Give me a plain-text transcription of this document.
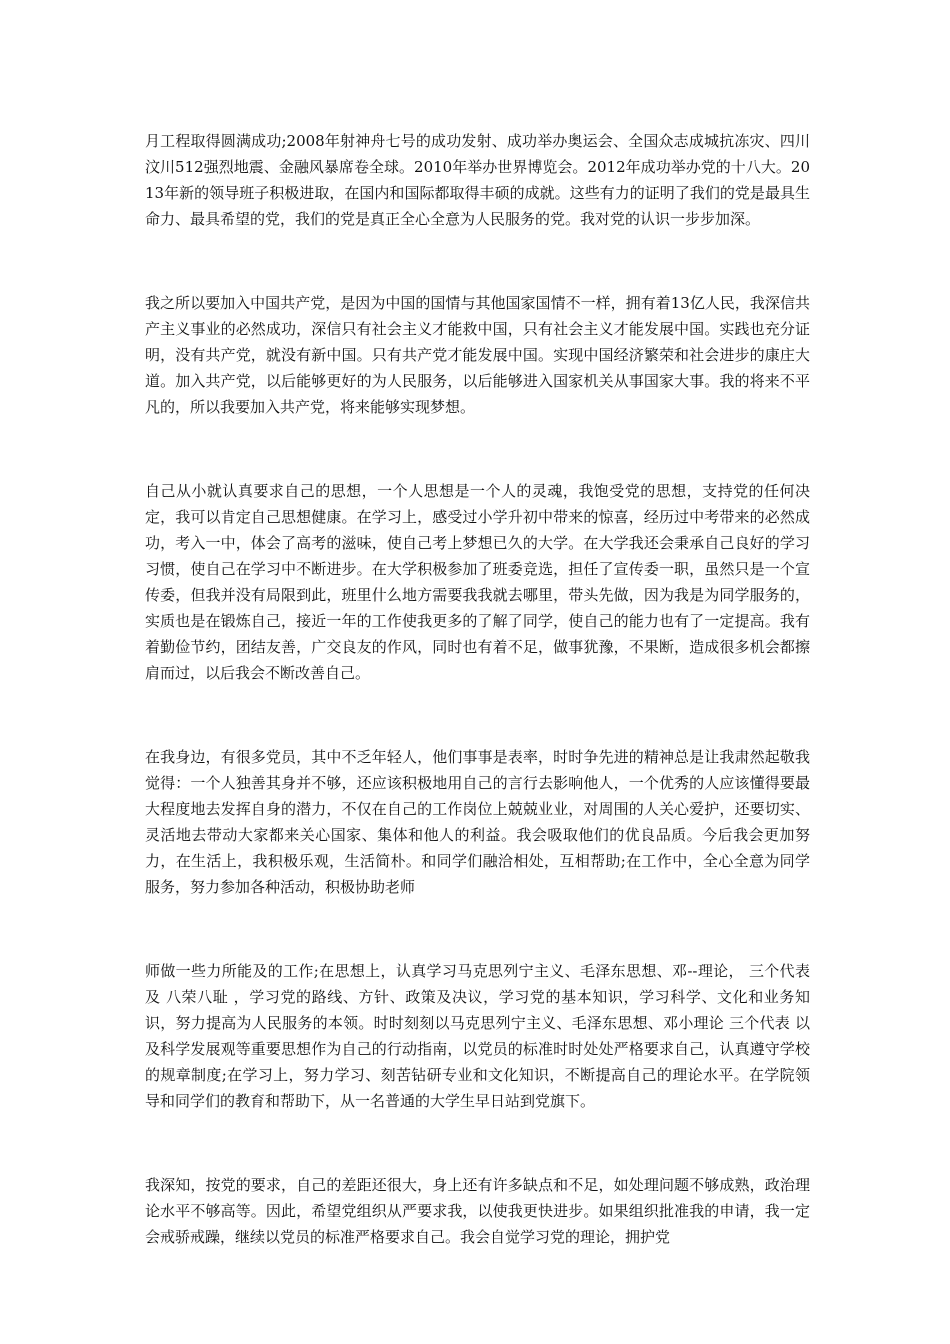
月工程取得圆满成功;2008年射神舟七号的成功发射、成功举办奥运会、全国众志成城抗冻灾、四川汶川512强烈地震、金融风暴席卷全球。2010年举办世界博览会。2012年成功举办党的十八大。2013年新的领导班子积极进取，在国内和国际都取得丰硕的成就。这些有力的证明了我们的党是最具生命力、最具希望的党，我们的党是真正全心全意为人民服务的党。我对党的认识一步步加深。

我之所以要加入中国共产党，是因为中国的国情与其他国家国情不一样，拥有着13亿人民，我深信共产主义事业的必然成功，深信只有社会主义才能救中国，只有社会主义才能发展中国。实践也充分证明，没有共产党，就没有新中国。只有共产党才能发展中国。实现中国经济繁荣和社会进步的康庄大道。加入共产党，以后能够更好的为人民服务，以后能够进入国家机关从事国家大事。我的将来不平凡的，所以我要加入共产党，将来能够实现梦想。

自己从小就认真要求自己的思想，一个人思想是一个人的灵魂，我饱受党的思想，支持党的任何决定，我可以肯定自己思想健康。在学习上，感受过小学升初中带来的惊喜，经历过中考带来的必然成功，考入一中，体会了高考的滋味，使自己考上梦想已久的大学。在大学我还会秉承自己良好的学习习惯，使自己在学习中不断进步。在大学积极参加了班委竞选，担任了宣传委一职，虽然只是一个宣传委，但我并没有局限到此，班里什么地方需要我我就去哪里，带头先做，因为我是为同学服务的，实质也是在锻炼自己，接近一年的工作使我更多的了解了同学，使自己的能力也有了一定提高。我有着勤俭节约，团结友善，广交良友的作风，同时也有着不足，做事犹豫，不果断，造成很多机会都擦肩而过，以后我会不断改善自己。

在我身边，有很多党员，其中不乏年轻人，他们事事是表率，时时争先进的精神总是让我肃然起敬我觉得：一个人独善其身并不够，还应该积极地用自己的言行去影响他人，一个优秀的人应该懂得要最大程度地去发挥自身的潜力，不仅在自己的工作岗位上兢兢业业，对周围的人关心爱护，还要切实、灵活地去带动大家都来关心国家、集体和他人的利益。我会吸取他们的优良品质。今后我会更加努力，在生活上，我积极乐观，生活简朴。和同学们融洽相处，互相帮助;在工作中，全心全意为同学服务，努力参加各种活动，积极协助老师

师做一些力所能及的工作;在思想上，认真学习马克思列宁主义、毛泽东思想、邓--理论， 三个代表 及 八荣八耻 ，学习党的路线、方针、政策及决议，学习党的基本知识，学习科学、文化和业务知识，努力提高为人民服务的本领。时时刻刻以马克思列宁主义、毛泽东思想、邓小理论 三个代表 以及科学发展观等重要思想作为自己的行动指南，以党员的标准时时处处严格要求自己，认真遵守学校的规章制度;在学习上，努力学习、刻苦钻研专业和文化知识，不断提高自己的理论水平。在学院领导和同学们的教育和帮助下，从一名普通的大学生早日站到党旗下。

我深知，按党的要求，自己的差距还很大，身上还有许多缺点和不足，如处理问题不够成熟，政治理论水平不够高等。因此，希望党组织从严要求我，以使我更快进步。如果组织批准我的申请，我一定会戒骄戒躁，继续以党员的标准严格要求自己。我会自觉学习党的理论，拥护党
